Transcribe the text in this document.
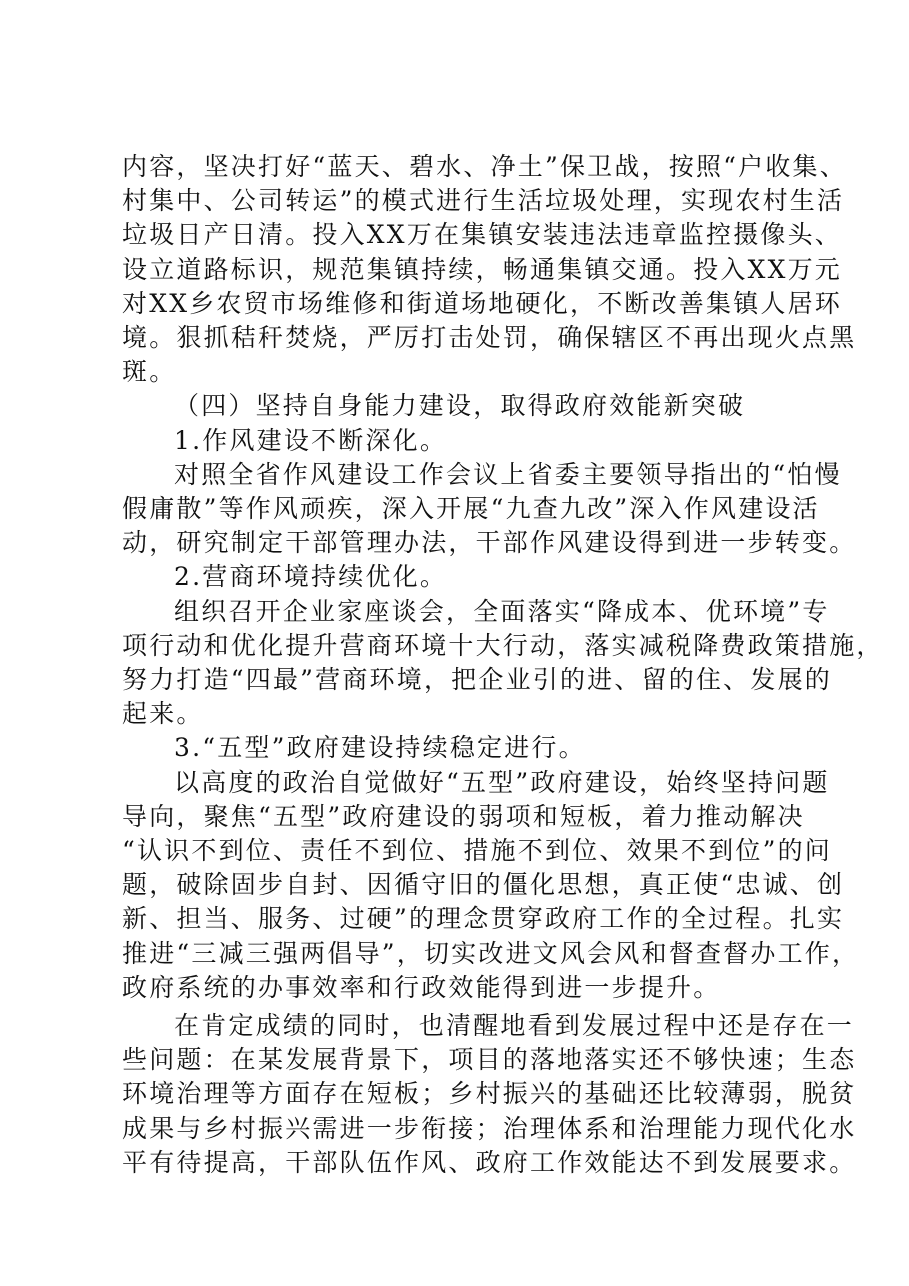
内容，坚决打好“蓝天、碧水、净土”保卫战，按照“户收集、
村集中、公司转运”的模式进行生活垃圾处理，实现农村生活
垃圾日产日清。投入XX万在集镇安装违法违章监控摄像头、
设立道路标识，规范集镇持续，畅通集镇交通。投入XX万元
对XX乡农贸市场维修和街道场地硬化，不断改善集镇人居环
境。狠抓秸秆焚烧，严厉打击处罚，确保辖区不再出现火点黑
斑。

（四）坚持自身能力建设，取得政府效能新突破

1.作风建设不断深化。

对照全省作风建设工作会议上省委主要领导指出的“怕慢
假庸散”等作风顽疾，深入开展“九查九改”深入作风建设活
动，研究制定干部管理办法，干部作风建设得到进一步转变。

2.营商环境持续优化。

组织召开企业家座谈会，全面落实“降成本、优环境”专
项行动和优化提升营商环境十大行动，落实减税降费政策措施，
努力打造“四最”营商环境，把企业引的进、留的住、发展的
起来。

3.“五型”政府建设持续稳定进行。

以高度的政治自觉做好“五型”政府建设，始终坚持问题
导向，聚焦“五型”政府建设的弱项和短板，着力推动解决
“认识不到位、责任不到位、措施不到位、效果不到位”的问
题，破除固步自封、因循守旧的僵化思想，真正使“忠诚、创
新、担当、服务、过硬”的理念贯穿政府工作的全过程。扎实
推进“三减三强两倡导”，切实改进文风会风和督查督办工作，
政府系统的办事效率和行政效能得到进一步提升。

在肯定成绩的同时，也清醒地看到发展过程中还是存在一
些问题：在某发展背景下，项目的落地落实还不够快速；生态
环境治理等方面存在短板；乡村振兴的基础还比较薄弱，脱贫
成果与乡村振兴需进一步衔接；治理体系和治理能力现代化水
平有待提高，干部队伍作风、政府工作效能达不到发展要求。
